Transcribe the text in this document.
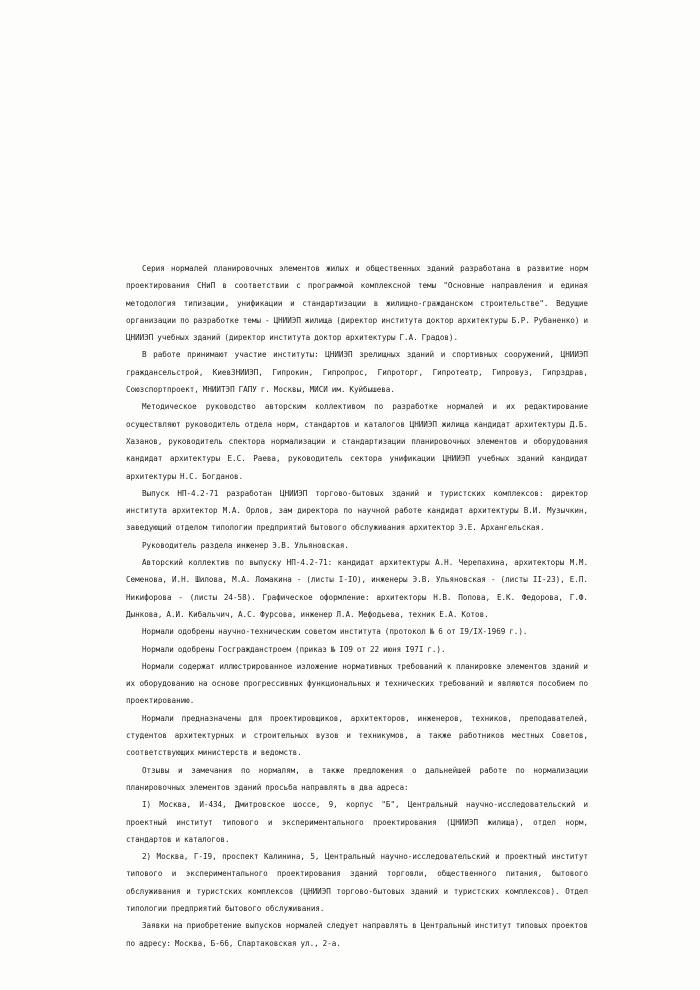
Серия нормалей планировочных элементов жилых и общественных зданий разработана в развитие норм проектирования СНиП в соответствии с программой комплексной темы "Основные направления и единая методология типизации, унификации и стандартизации в жилищно-гражданском строительстве". Ведущие организации по разработке темы - ЦНИИЭП жилища (директор института доктор архитектуры Б.Р. Рубаненко) и ЦНИИЭП учебных зданий (директор института доктор архитектуры Г.А. Градов).

В работе принимают участие институты: ЦНИИЭП зрелищных зданий и спортивных сооружений, ЦНИИЭП граждансельстрой, КиевЗНИИЭП, Гипрокин, Гипропрос, Гипроторг, Гипротеатр, Гипровуз, Гипрздрав, Союзспортпроект, МНИИТЭП ГАПУ г. Москвы, МИСИ им. Куйбышева.

Методическое руководство авторским коллективом по разработке нормалей и их редактирование осуществляют руководитель отдела норм, стандартов и каталогов ЦНИИЭП жилища кандидат архитектуры Д.Б. Хазанов, руководитель спектора нормализации и стандартизации планировочных элементов и оборудования кандидат архитектуры Е.С. Раева, руководитель сектора унификации ЦНИИЭП учебных зданий кандидат архитектуры Н.С. Богданов.

Выпуск НП-4.2-71 разработан ЦНИИЭП торгово-бытовых зданий и туристских комплексов: директор института архитектор М.А. Орлов, зам директора по научной работе кандидат архитектуры В.И. Музычкин, заведующий отделом типологии предприятий бытового обслуживания архитектор Э.Е. Архангельская.

Руководитель раздела инженер Э.В. Ульяновская.

Авторский коллектив по выпуску НП-4.2-71: кандидат архитектуры А.Н. Черепахина, архитекторы М.М. Семенова, И.Н. Шилова, М.А. Ломакина - (листы I-IO), инженеры Э.В. Ульяновская - (листы II-23), Е.П. Никифорова - (листы 24-58). Графическое оформление: архитекторы Н.В. Попова, Е.К. Федорова, Г.Ф. Дынкова, А.И. Кибальчич, А.С. Фурсова, инженер Л.А. Мефодьева, техник Е.А. Котов.

Нормали одобрены научно-техническим советом института (протокол № 6 от I9/IX-1969 г.).

Нормали одобрены Госгражданстроем (приказ № IO9 от 22 июня I97I г.).

Нормали содержат иллюстрированное изложение нормативных требований к планировке элементов зданий и их оборудованию на основе прогрессивных функциональных и технических требований и являются пособием по проектированию.

Нормали предназначены для проектировщиков, архитекторов, инженеров, техников, преподавателей, студентов архитектурных и строительных вузов и техникумов, а также работников местных Советов, соответствующих министерств и ведомств.

Отзывы и замечания по нормалям, а также предложения о дальнейшей работе по нормализации планировочных элементов зданий просьба направлять в два адреса:

I) Москва, И-434, Дмитровское шоссе, 9, корпус "Б", Центральный научно-исследовательский и проектный институт типового и экспериментального проектирования (ЦНИИЭП жилища), отдел норм, стандартов и каталогов.

2) Москва, Г-I9, проспект Калинина, 5, Центральный научно-исследовательский и проектный институт типового и экспериментального проектирования зданий торговли, общественного питания, бытового обслуживания и туристских комплексов (ЦНИИЭП торгово-бытовых зданий и туристских комплексов). Отдел типологии предприятий бытового обслуживания.

Заявки на приобретение выпусков нормалей следует направлять в Центральный институт типовых проектов по адресу: Москва, Б-66, Спартаковская ул., 2-а.
